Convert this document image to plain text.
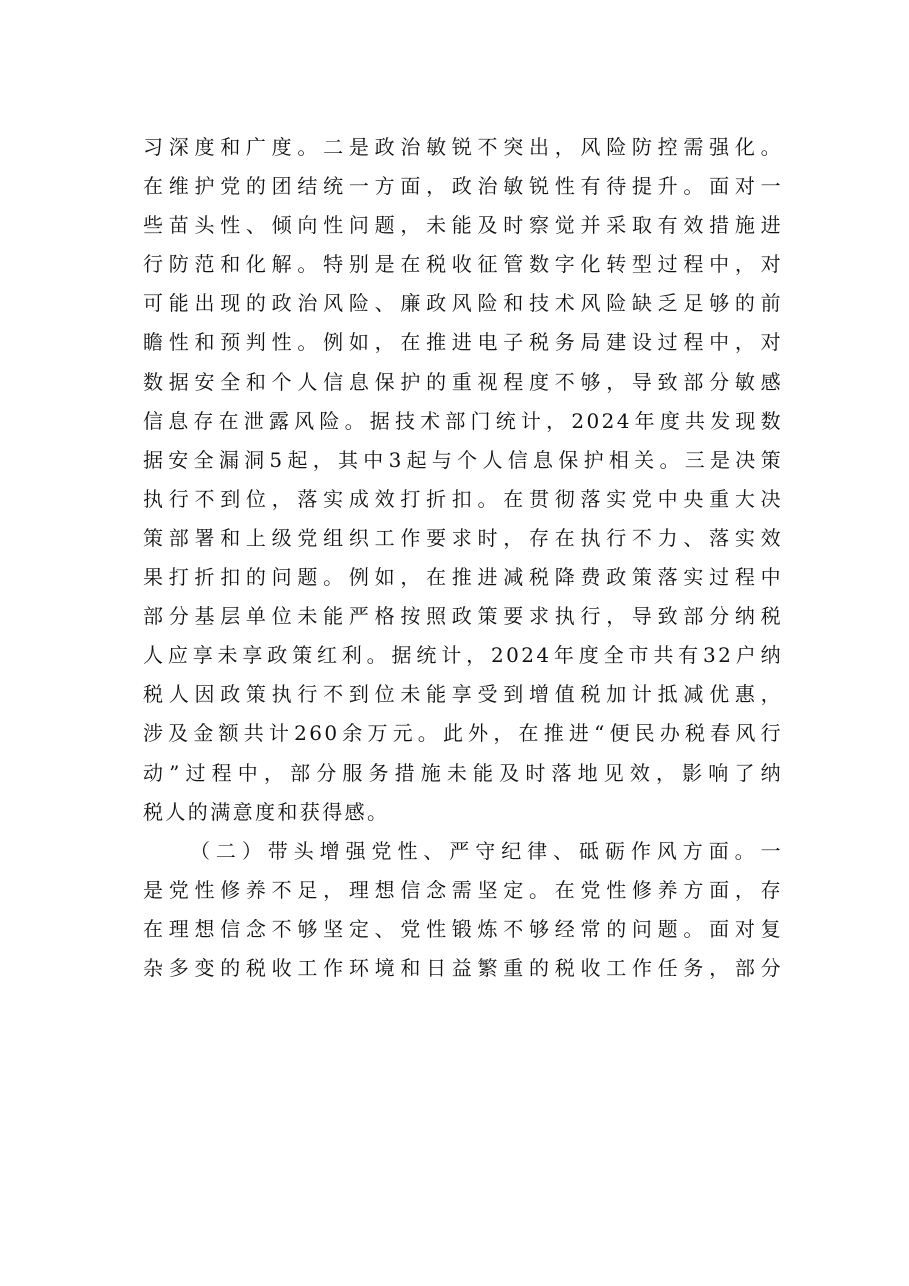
习深度和广度。二是政治敏锐不突出，风险防控需强化。
在维护党的团结统一方面，政治敏锐性有待提升。面对一
些苗头性、倾向性问题，未能及时察觉并采取有效措施进
行防范和化解。特别是在税收征管数字化转型过程中，对
可能出现的政治风险、廉政风险和技术风险缺乏足够的前
瞻性和预判性。例如，在推进电子税务局建设过程中，对
数据安全和个人信息保护的重视程度不够，导致部分敏感
信息存在泄露风险。据技术部门统计，2024年度共发现数
据安全漏洞5起，其中3起与个人信息保护相关。三是决策
执行不到位，落实成效打折扣。在贯彻落实党中央重大决
策部署和上级党组织工作要求时，存在执行不力、落实效
果打折扣的问题。例如，在推进减税降费政策落实过程中
部分基层单位未能严格按照政策要求执行，导致部分纳税
人应享未享政策红利。据统计，2024年度全市共有32户纳
税人因政策执行不到位未能享受到增值税加计抵减优惠，
涉及金额共计260余万元。此外，在推进“便民办税春风行
动”过程中，部分服务措施未能及时落地见效，影响了纳
税人的满意度和获得感。
（二）带头增强党性、严守纪律、砥砺作风方面。一
是党性修养不足，理想信念需坚定。在党性修养方面，存
在理想信念不够坚定、党性锻炼不够经常的问题。面对复
杂多变的税收工作环境和日益繁重的税收工作任务，部分
